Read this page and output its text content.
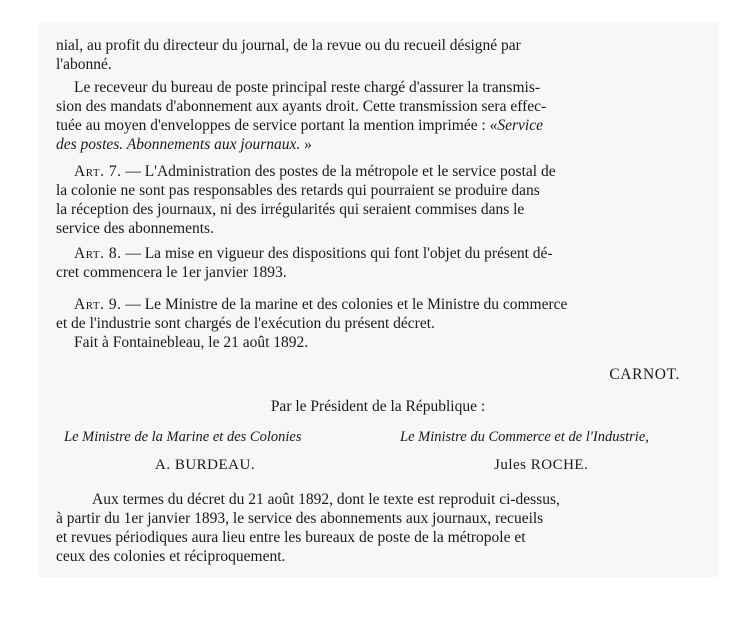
nial, au profit du directeur du journal, de la revue ou du recueil désigné par
l'abonné.
Le receveur du bureau de poste principal reste chargé d'assurer la transmis-
sion des mandats d'abonnement aux ayants droit. Cette transmission sera effec-
tuée au moyen d'enveloppes de service portant la mention imprimée : «Service
des postes. Abonnements aux journaux. »
Art. 7. — L'Administration des postes de la métropole et le service postal de
la colonie ne sont pas responsables des retards qui pourraient se produire dans
la réception des journaux, ni des irrégularités qui seraient commises dans le
service des abonnements.
Art. 8. — La mise en vigueur des dispositions qui font l'objet du présent dé-
cret commencera le 1er janvier 1893.
Art. 9. — Le Ministre de la marine et des colonies et le Ministre du commerce
et de l'industrie sont chargés de l'exécution du présent décret.
Fait à Fontainebleau, le 21 août 1892.
CARNOT.
Par le Président de la République :
Le Ministre de la Marine et des Colonies
A. BURDEAU.
Le Ministre du Commerce et de l'Industrie,
Jules ROCHE.
Aux termes du décret du 21 août 1892, dont le texte est reproduit ci-dessus,
à partir du 1er janvier 1893, le service des abonnements aux journaux, recueils
et revues périodiques aura lieu entre les bureaux de poste de la métropole et
ceux des colonies et réciproquement.
